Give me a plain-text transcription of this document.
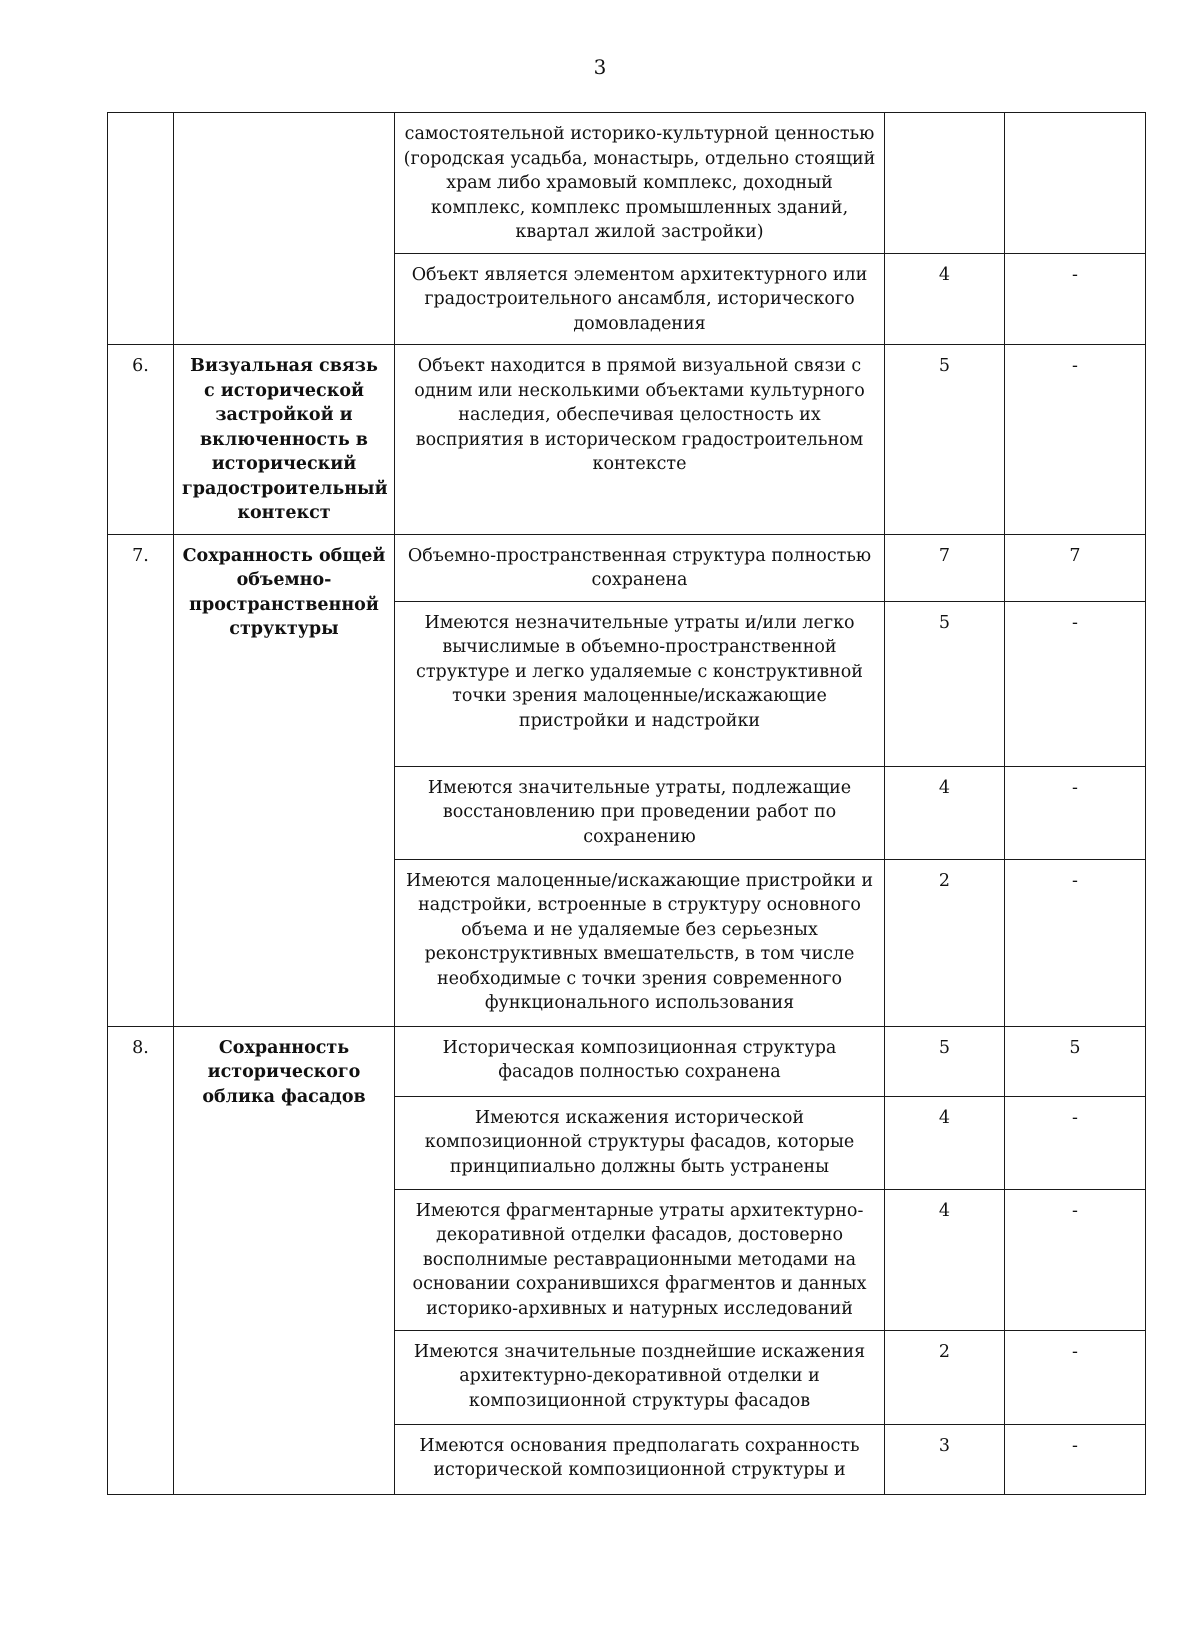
3
		самостоятельной историко-культурной ценностью (городская усадьба, монастырь, отдельно стоящий храм либо храмовый комплекс, доходный комплекс, комплекс промышленных зданий, квартал жилой застройки)		
		Объект является элементом архитектурного или градостроительного ансамбля, исторического домовладения	4	-
6.	Визуальная связь с исторической застройкой и включенность в исторический градостроительный контекст	Объект находится в прямой визуальной связи с одним или несколькими объектами культурного наследия, обеспечивая целостность их восприятия в историческом градостроительном контексте	5	-
7.	Сохранность общей объемно-пространственной структуры	Объемно-пространственная структура полностью сохранена	7	7
		Имеются незначительные утраты и/или легко вычислимые в объемно-пространственной структуре и легко удаляемые с конструктивной точки зрения малоценные/искажающие пристройки и надстройки	5	-
		Имеются значительные утраты, подлежащие восстановлению при проведении работ по сохранению	4	-
		Имеются малоценные/искажающие пристройки и надстройки, встроенные в структуру основного объема и не удаляемые без серьезных реконструктивных вмешательств, в том числе необходимые с точки зрения современного функционального использования	2	-
8.	Сохранность исторического облика фасадов	Историческая композиционная структура фасадов полностью сохранена	5	5
		Имеются искажения исторической композиционной структуры фасадов, которые принципиально должны быть устранены	4	-
		Имеются фрагментарные утраты архитектурно-декоративной отделки фасадов, достоверно восполнимые реставрационными методами на основании сохранившихся фрагментов и данных историко-архивных и натурных исследований	4	-
		Имеются значительные позднейшие искажения архитектурно-декоративной отделки и композиционной структуры фасадов	2	-
		Имеются основания предполагать сохранность исторической композиционной структуры и	3	-
